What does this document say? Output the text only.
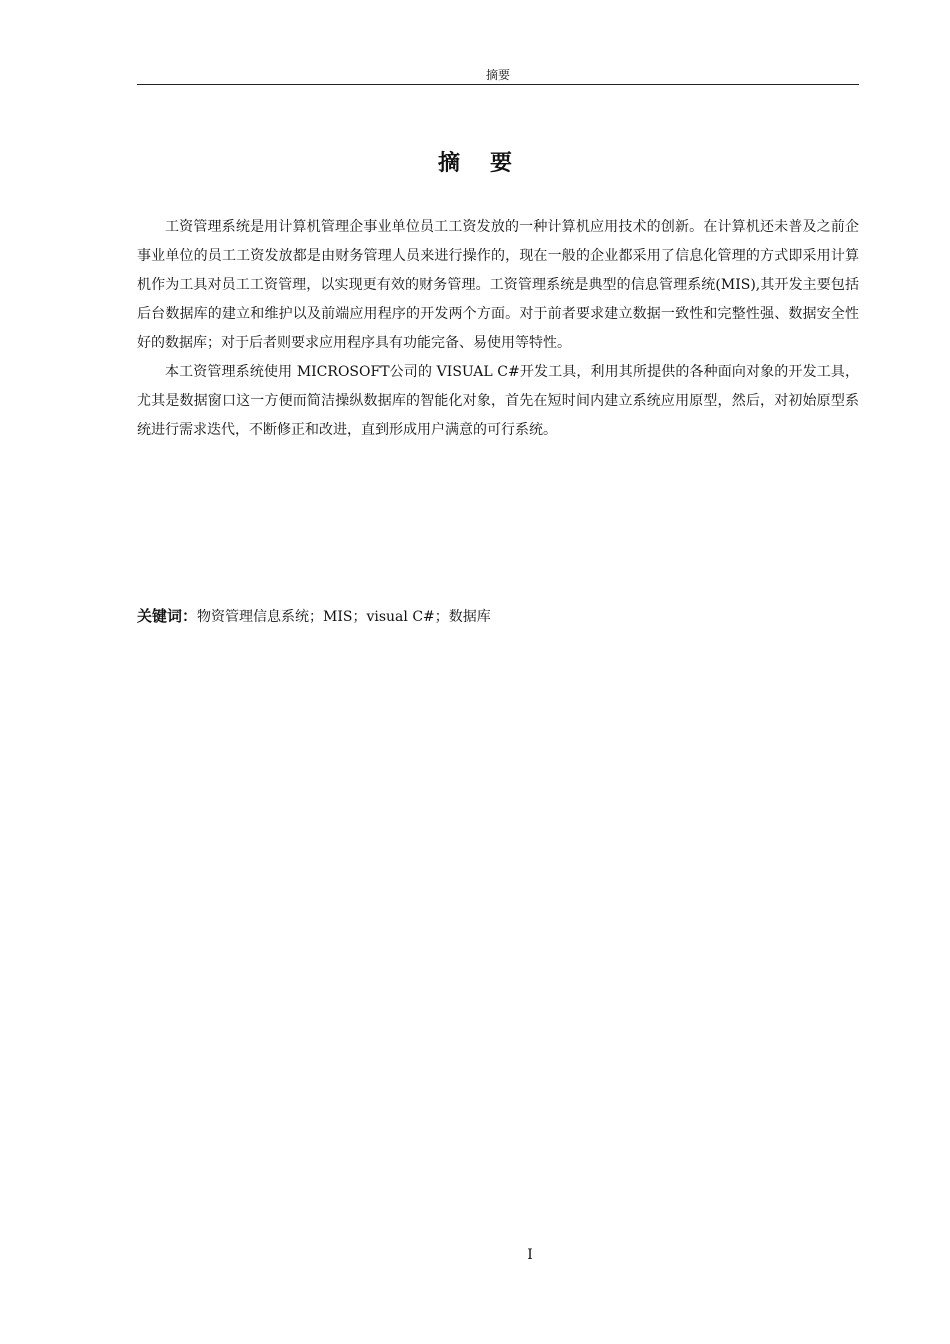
摘要
摘要

工资管理系统是用计算机管理企事业单位员工工资发放的一种计算机应用技术的创新。在计算机还未普及之前企事业单位的员工工资发放都是由财务管理人员来进行操作的，现在一般的企业都采用了信息化管理的方式即采用计算机作为工具对员工工资管理，以实现更有效的财务管理。工资管理系统是典型的信息管理系统(MIS),其开发主要包括后台数据库的建立和维护以及前端应用程序的开发两个方面。对于前者要求建立数据一致性和完整性强、数据安全性好的数据库；对于后者则要求应用程序具有功能完备、易使用等特性。

本工资管理系统使用 MICROSOFT公司的 VISUAL C#开发工具，利用其所提供的各种面向对象的开发工具，尤其是数据窗口这一方便而简洁操纵数据库的智能化对象，首先在短时间内建立系统应用原型，然后，对初始原型系统进行需求迭代，不断修正和改进，直到形成用户满意的可行系统。

关键词：物资管理信息系统；MIS；visual C#；数据库
I
